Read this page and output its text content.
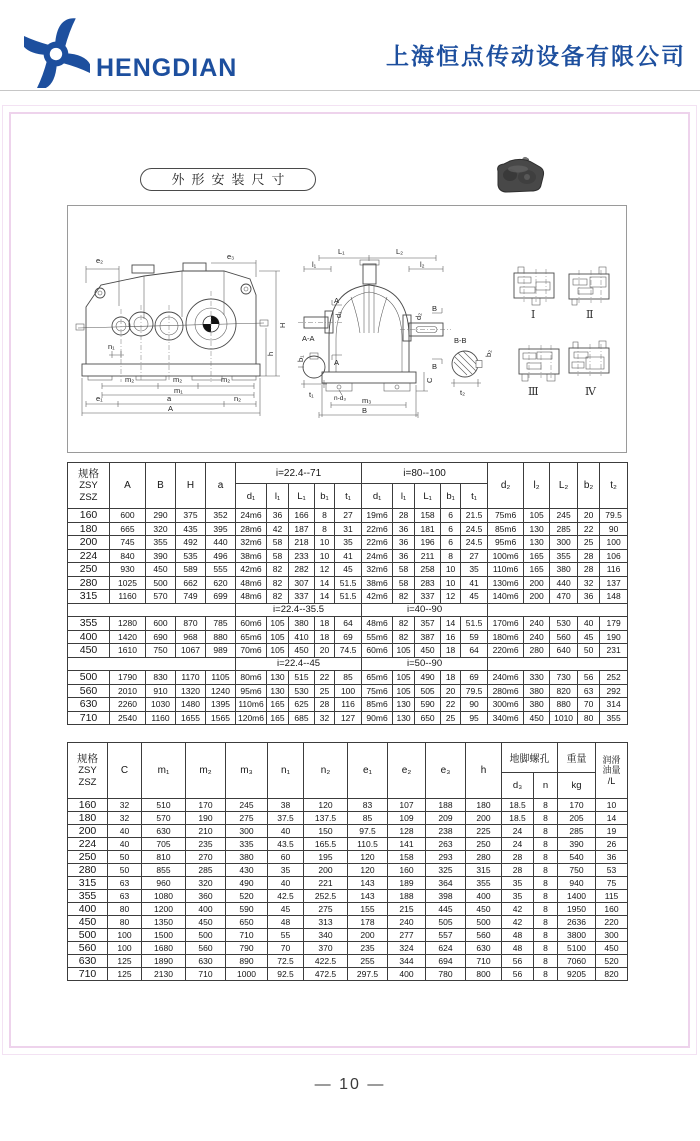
HENGDIAN	上海恒点传动设备有限公司
外形安装尺寸
e₂	e₃
H
h
n₁
m₂	m₂	m₂
m₁
e₁	a	n₂
A
A-A
t₁
b₁
L₁	L₂
l₁	l₂
A
A
B
B
d₁	d₂
C
n-d₃ m₃
B
B-B
b₂
t₂
Ⅰ	Ⅱ
Ⅲ	Ⅳ
规格
ZSY
ZSZ	A	B	H	a	i=22.4--71					i=80--100					d₂	l₂	L₂	b₂	t₂
					d₁	l₁	L₁	b₁	t₁	d₁	l₁	L₁	b₁	t₁					
160	600	290	375	352	24m6	36	166	8	27	19m6	28	158	6	21.5	75m6	105	245	20	79.5
180	665	320	435	395	28m6	42	187	8	31	22m6	36	181	6	24.5	85m6	130	285	22	90
200	745	355	492	440	32m6	58	218	10	35	22m6	36	196	6	24.5	95m6	130	300	25	100
224	840	390	535	496	38m6	58	233	10	41	24m6	36	211	8	27	100m6	165	355	28	106
250	930	450	589	555	42m6	82	282	12	45	32m6	58	258	10	35	110m6	165	380	28	116
280	1025	500	662	620	48m6	82	307	14	51.5	38m6	58	283	10	41	130m6	200	440	32	137
315	1160	570	749	699	48m6	82	337	14	51.5	42m6	82	337	12	45	140m6	200	470	36	148
					i=22.4--35.5					i=40--90									
355	1280	600	870	785	60m6	105	380	18	64	48m6	82	357	14	51.5	170m6	240	530	40	179
400	1420	690	968	880	65m6	105	410	18	69	55m6	82	387	16	59	180m6	240	560	45	190
450	1610	750	1067	989	70m6	105	450	20	74.5	60m6	105	450	18	64	220m6	280	640	50	231
					i=22.4--45					i=50--90									
500	1790	830	1170	1105	80m6	130	515	22	85	65m6	105	490	18	69	240m6	330	730	56	252
560	2010	910	1320	1240	95m6	130	530	25	100	75m6	105	505	20	79.5	280m6	380	820	63	292
630	2260	1030	1480	1395	110m6	165	625	28	116	85m6	130	590	22	90	300m6	380	880	70	314
710	2540	1160	1655	1565	120m6	165	685	32	127	90m6	130	650	25	95	340m6	450	1010	80	355
规格
ZSY
ZSZ
	C	m₁	m₂	m₃	n₁	n₂	e₁	e₂	e₃	h	地脚螺孔	重量	润滑
油量
/L

											d₃	n	kg	
160	32	510	170	245	38	120	83	107	188	180	18.5	8	170	10
180	32	570	190	275	37.5	137.5	85	109	209	200	18.5	8	205	14
200	40	630	210	300	40	150	97.5	128	238	225	24	8	285	19
224	40	705	235	335	43.5	165.5	110.5	141	263	250	24	8	390	26
250	50	810	270	380	60	195	120	158	293	280	28	8	540	36
280	50	855	285	430	35	200	120	160	325	315	28	8	750	53
315	63	960	320	490	40	221	143	189	364	355	35	8	940	75
355	63	1080	360	520	42.5	252.5	143	188	398	400	35	8	1400	115
400	80	1200	400	590	45	275	155	215	445	450	42	8	1950	160
450	80	1350	450	650	48	313	178	240	505	500	42	8	2636	220
500	100	1500	500	710	55	340	200	277	557	560	48	8	3800	300
560	100	1680	560	790	70	370	235	324	624	630	48	8	5100	450
630	125	1890	630	890	72.5	422.5	255	344	694	710	56	8	7060	520
710	125	2130	710	1000	92.5	472.5	297.5	400	780	800	56	8	9205	820
— 10 —
